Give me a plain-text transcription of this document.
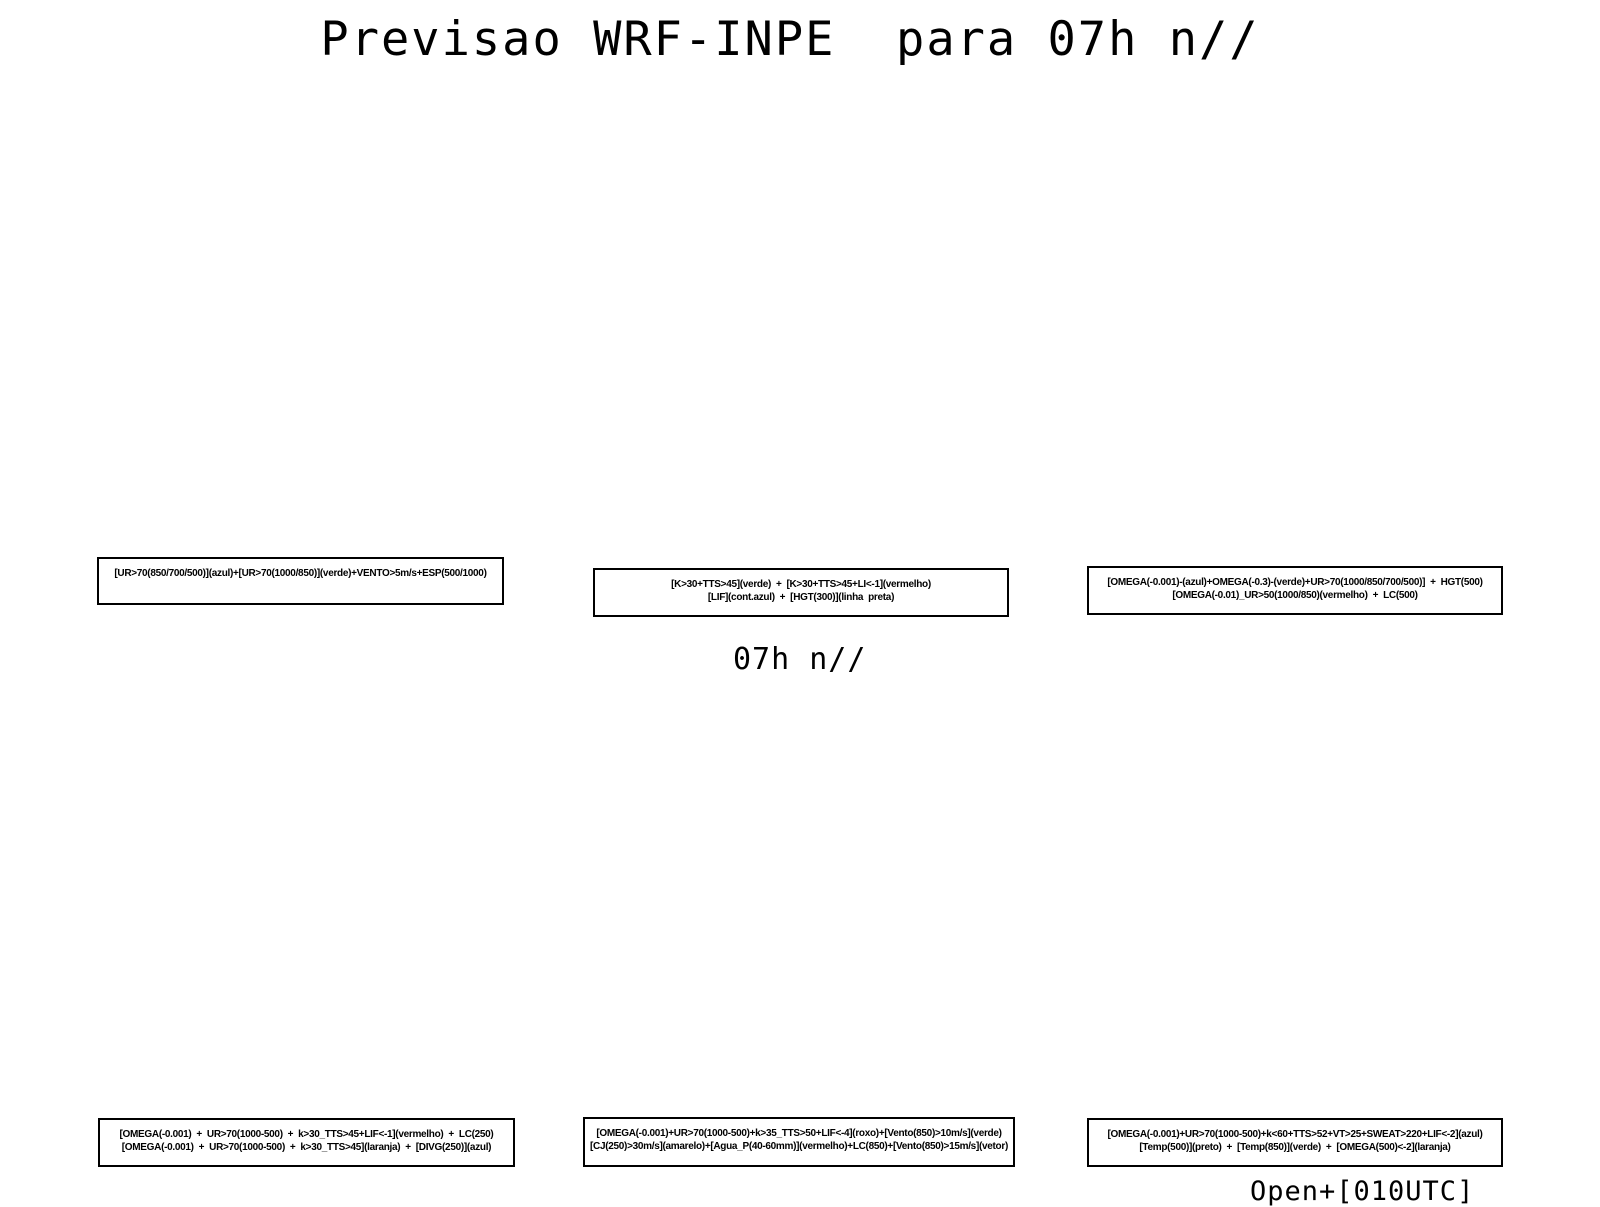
Previsao WRF-INPE  para 07h n//
[UR>70(850/700/500)](azul)+[UR>70(1000/850)](verde)+VENTO>5m/s+ESP(500/1000)
[K>30+TTS>45](verde)  +  [K>30+TTS>45+LI<-1](vermelho)
[LIF](cont.azul)  +  [HGT(300)](linha  preta)
[OMEGA(-0.001)-(azul)+OMEGA(-0.3)-(verde)+UR>70(1000/850/700/500)]  +  HGT(500)
[OMEGA(-0.01)_UR>50(1000/850)(vermelho)  +  LC(500)
07h n//
[OMEGA(-0.001)  +  UR>70(1000-500)  +  k>30_TTS>45+LIF<-1](vermelho)  +  LC(250)
[OMEGA(-0.001)  +  UR>70(1000-500)  +  k>30_TTS>45](laranja)  +  [DIVG(250)](azul)
[OMEGA(-0.001)+UR>70(1000-500)+k>35_TTS>50+LIF<-4](roxo)+[Vento(850)>10m/s](verde)
[CJ(250)>30m/s](amarelo)+[Agua_P(40-60mm)](vermelho)+LC(850)+[Vento(850)>15m/s](vetor)
[OMEGA(-0.001)+UR>70(1000-500)+k<60+TTS>52+VT>25+SWEAT>220+LIF<-2](azul)
[Temp(500)](preto)  +  [Temp(850)](verde)  +  [OMEGA(500)<-2](laranja)
Open+[010UTC]
